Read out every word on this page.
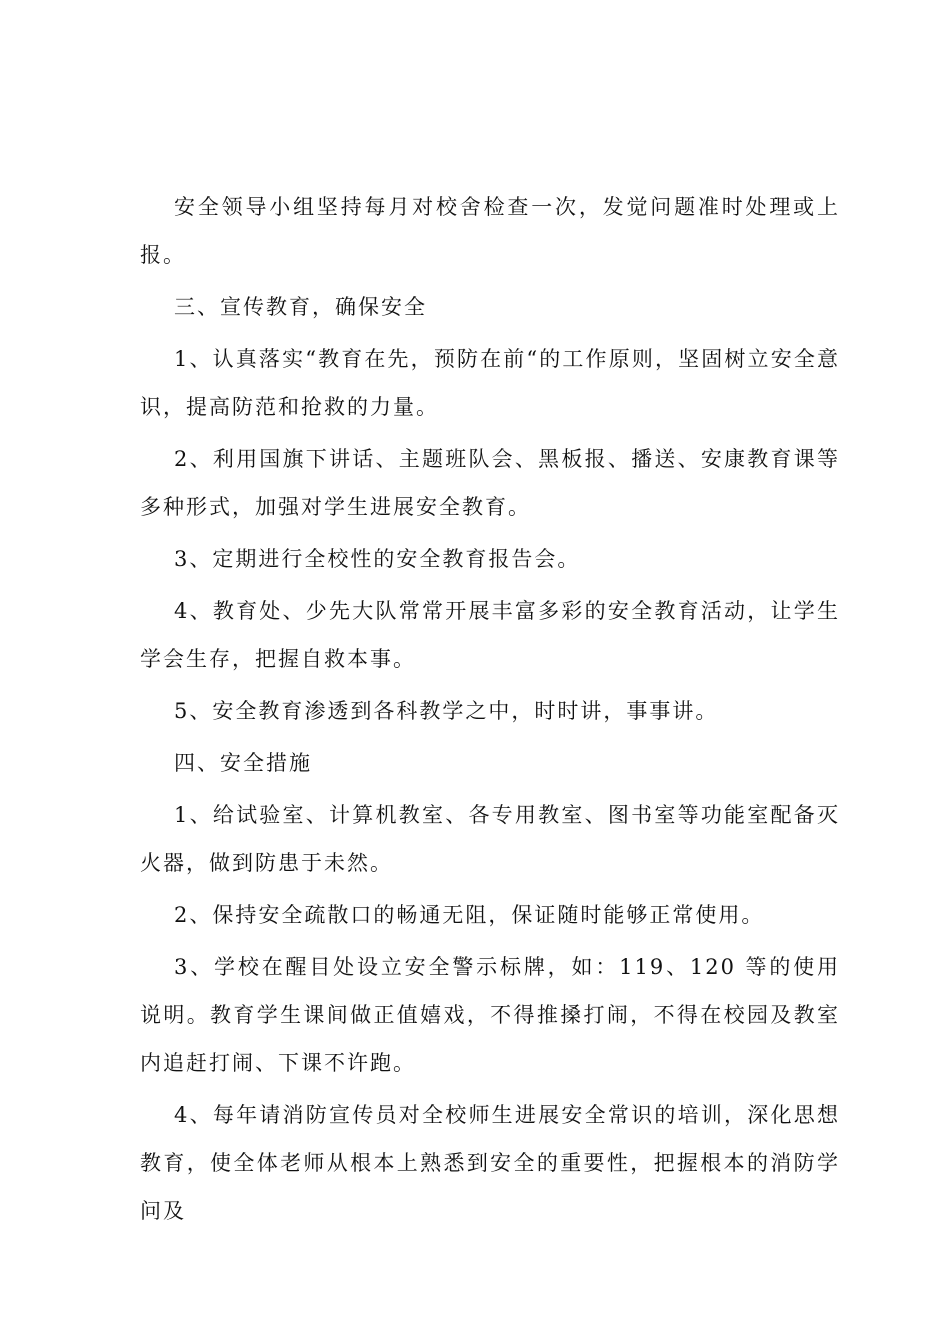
安全领导小组坚持每月对校舍检查一次，发觉问题准时处理或上报。

三、宣传教育，确保安全

1、认真落实“教育在先，预防在前“的工作原则，坚固树立安全意识，提高防范和抢救的力量。

2、利用国旗下讲话、主题班队会、黑板报、播送、安康教育课等多种形式，加强对学生进展安全教育。

3、定期进行全校性的安全教育报告会。

4、教育处、少先大队常常开展丰富多彩的安全教育活动，让学生学会生存，把握自救本事。

5、安全教育渗透到各科教学之中，时时讲，事事讲。

四、安全措施

1、给试验室、计算机教室、各专用教室、图书室等功能室配备灭火器，做到防患于未然。

2、保持安全疏散口的畅通无阻，保证随时能够正常使用。

3、学校在醒目处设立安全警示标牌，如：119、120 等的使用说明。教育学生课间做正值嬉戏，不得推搡打闹，不得在校园及教室内追赶打闹、下课不许跑。

4、每年请消防宣传员对全校师生进展安全常识的培训，深化思想教育，使全体老师从根本上熟悉到安全的重要性，把握根本的消防学问及
